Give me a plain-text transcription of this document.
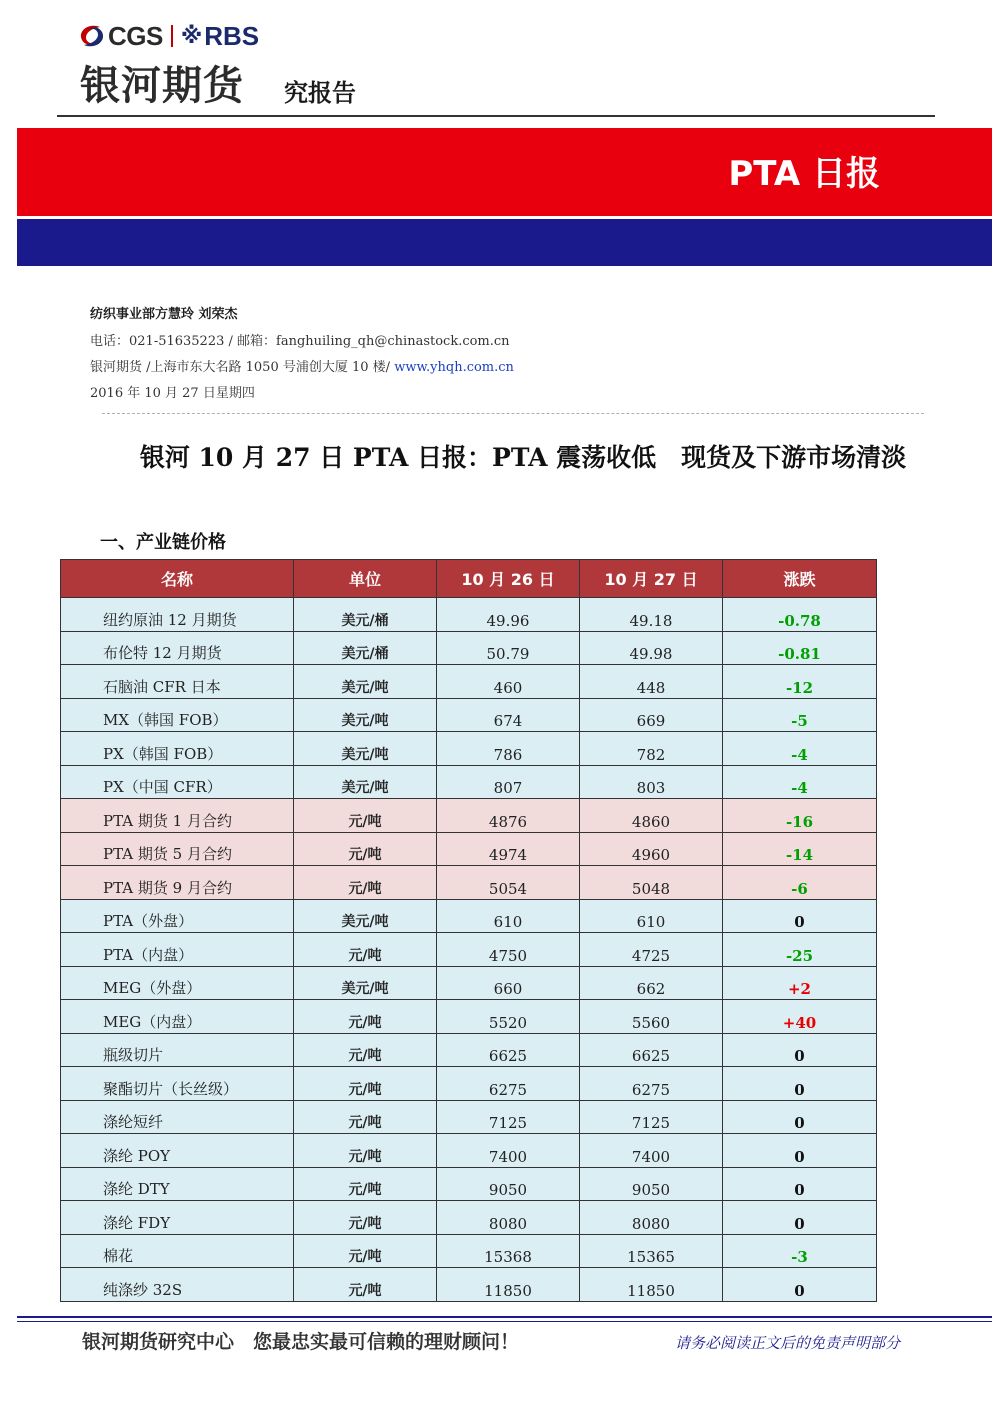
CGS ※ RBS
银河期货 究报告
PTA 日报
纺织事业部方慧玲 刘荣杰
电话：021-51635223 / 邮箱：fanghuiling_qh@chinastock.com.cn
银河期货 /上海市东大名路 1050 号浦创大厦 10 楼/ www.yhqh.com.cn
2016 年 10 月 27 日星期四
银河 10 月 27 日 PTA 日报：PTA 震荡收低　现货及下游市场清淡
一、产业链价格
名称	单位	10 月 26 日	10 月 27 日	涨跌
纽约原油 12 月期货	美元/桶	49.96	49.18	-0.78
布伦特 12 月期货	美元/桶	50.79	49.98	-0.81
石脑油 CFR 日本	美元/吨	460	448	-12
MX（韩国 FOB）	美元/吨	674	669	-5
PX（韩国 FOB）	美元/吨	786	782	-4
PX（中国 CFR）	美元/吨	807	803	-4
PTA 期货 1 月合约	元/吨	4876	4860	-16
PTA 期货 5 月合约	元/吨	4974	4960	-14
PTA 期货 9 月合约	元/吨	5054	5048	-6
PTA（外盘）	美元/吨	610	610	0
PTA（内盘）	元/吨	4750	4725	-25
MEG（外盘）	美元/吨	660	662	+2
MEG（内盘）	元/吨	5520	5560	+40
瓶级切片	元/吨	6625	6625	0
聚酯切片（长丝级）	元/吨	6275	6275	0
涤纶短纤	元/吨	7125	7125	0
涤纶 POY	元/吨	7400	7400	0
涤纶 DTY	元/吨	9050	9050	0
涤纶 FDY	元/吨	8080	8080	0
棉花	元/吨	15368	15365	-3
纯涤纱 32S	元/吨	11850	11850	0
银河期货研究中心　您最忠实最可信赖的理财顾问！	请务必阅读正文后的免责声明部分
